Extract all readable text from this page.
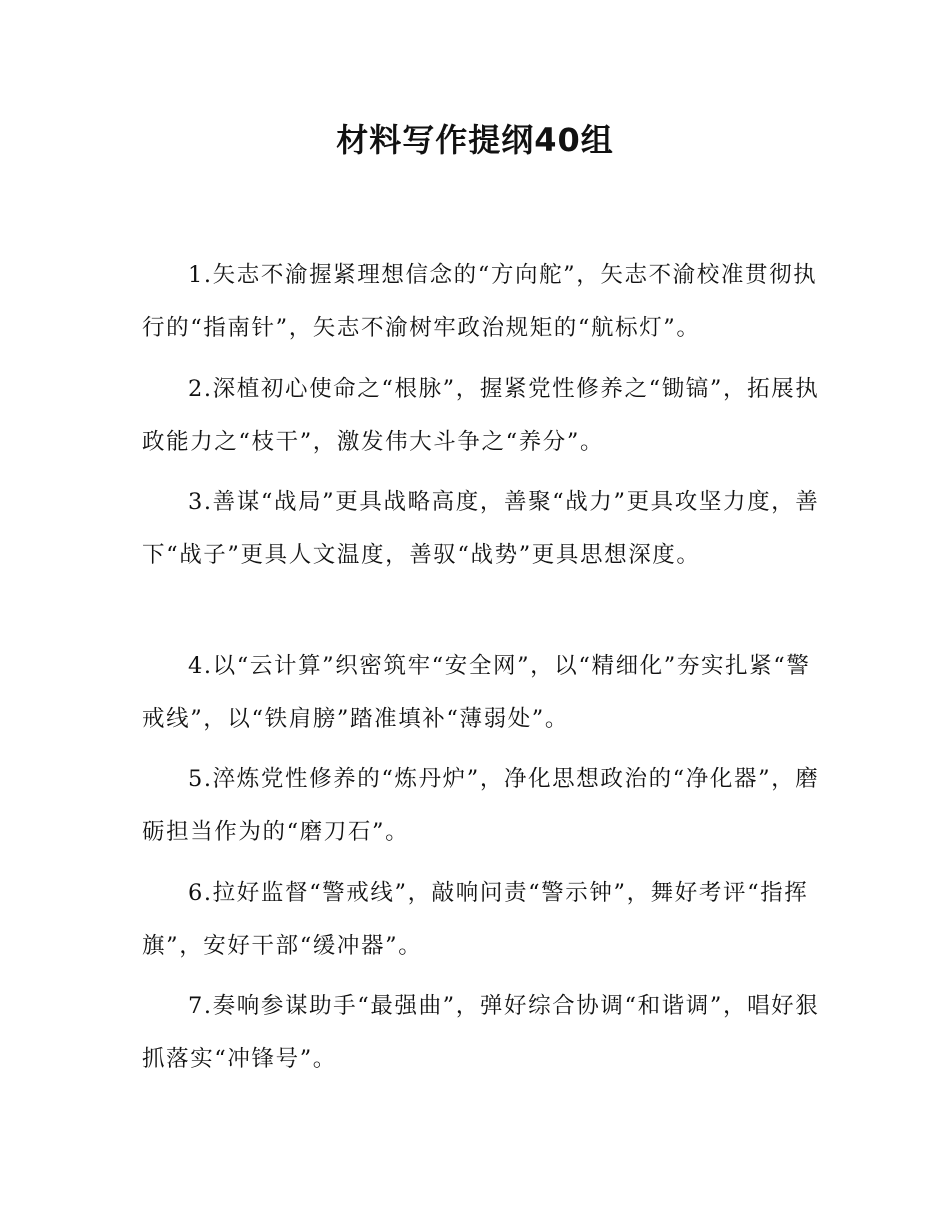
材料写作提纲40组

1.矢志不渝握紧理想信念的“方向舵”，矢志不渝校准贯彻执行的“指南针”，矢志不渝树牢政治规矩的“航标灯”。

2.深植初心使命之“根脉”，握紧党性修养之“锄镐”，拓展执政能力之“枝干”，激发伟大斗争之“养分”。

3.善谋“战局”更具战略高度，善聚“战力”更具攻坚力度，善下“战子”更具人文温度，善驭“战势”更具思想深度。

4.以“云计算”织密筑牢“安全网”，以“精细化”夯实扎紧“警戒线”，以“铁肩膀”踏准填补“薄弱处”。

5.淬炼党性修养的“炼丹炉”，净化思想政治的“净化器”，磨砺担当作为的“磨刀石”。

6.拉好监督“警戒线”，敲响问责“警示钟”，舞好考评“指挥旗”，安好干部“缓冲器”。

7.奏响参谋助手“最强曲”，弹好综合协调“和谐调”，唱好狠抓落实“冲锋号”。
